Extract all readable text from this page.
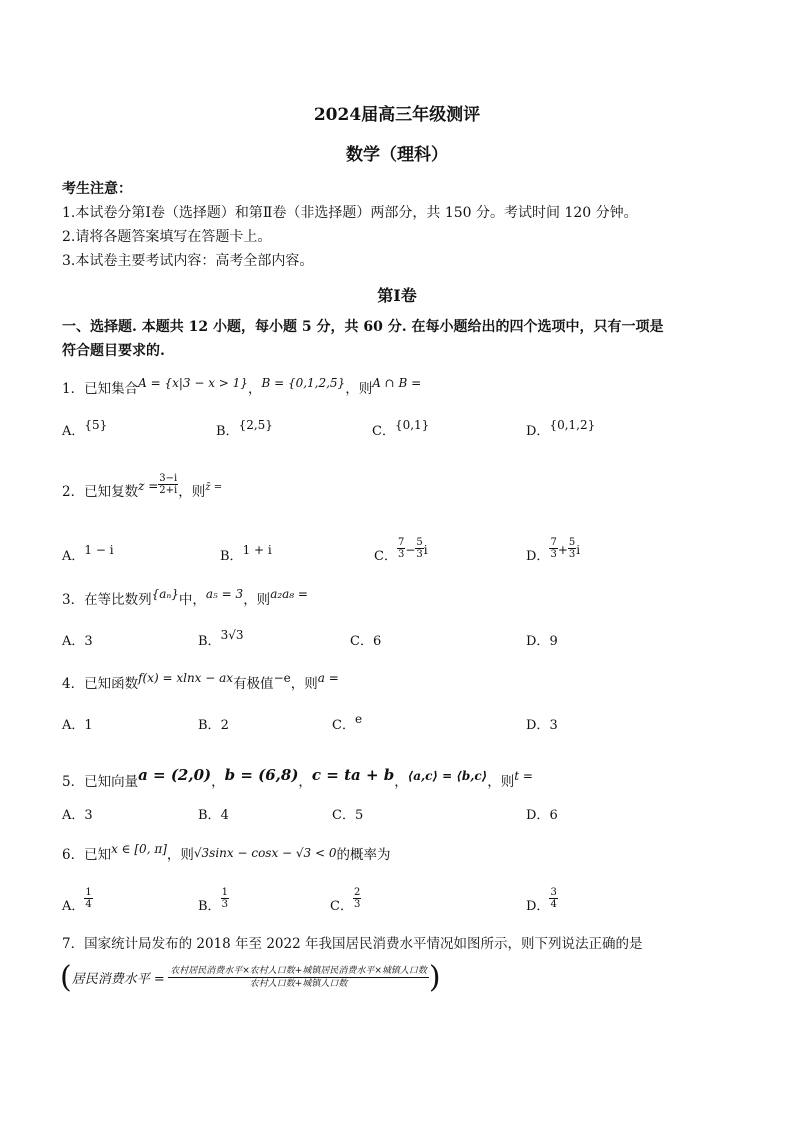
2024届高三年级测评
数学（理科）
考生注意：
1.本试卷分第Ⅰ卷（选择题）和第Ⅱ卷（非选择题）两部分，共 150 分。考试时间 120 分钟。
2.请将各题答案填写在答题卡上。
3.本试卷主要考试内容：高考全部内容。
第Ⅰ卷
一、选择题. 本题共 12 小题，每小题 5 分，共 60 分. 在每小题给出的四个选项中，只有一项是
符合题目要求的.
1．已知集合A = {x|3 − x > 1}，B = {0,1,2,5}，则A ∩ B =
A．{5}	B．{2,5}	C．{0,1}	D．{0,1,2}
2．已知复数$z = \frac{3-i}{2+i}$ ，则$^{z̄ =}$
A．1 − i	B．1 + i	C． $\frac{7}{3} - \frac{5}{3}$ i	D． $\frac{7}{3} + \frac{5}{3}$ i
3．在等比数列{aₙ}中，a₅ = 3，则a₂a₈ =
A．3	B．3√3	C．6	D．9
4．已知函数f(x) = xlnx − ax有极值−e，则a =
A．1	B．2	C．e	D．3
5．已知向量a = (2,0)，b = (6,8)，c = ta + b，⟨a,c⟩ = ⟨b,c⟩，则t =
A．3	B．4	C．5	D．6
6．已知x ∈ [0, π]，则√3sinx − cosx − √3 < 0的概率为
A． $\frac{1}{4}$	B． $\frac{1}{3}$	C． $\frac{2}{3}$	D． $\frac{3}{4}$
7．国家统计局发布的 2018 年至 2022 年我国居民消费水平情况如图所示，则下列说法正确的是
(居民消费水平 =
农村居民消费水平×农村人口数+城镇居民消费水平×城镇人口数
农村人口数+城镇人口数	)
